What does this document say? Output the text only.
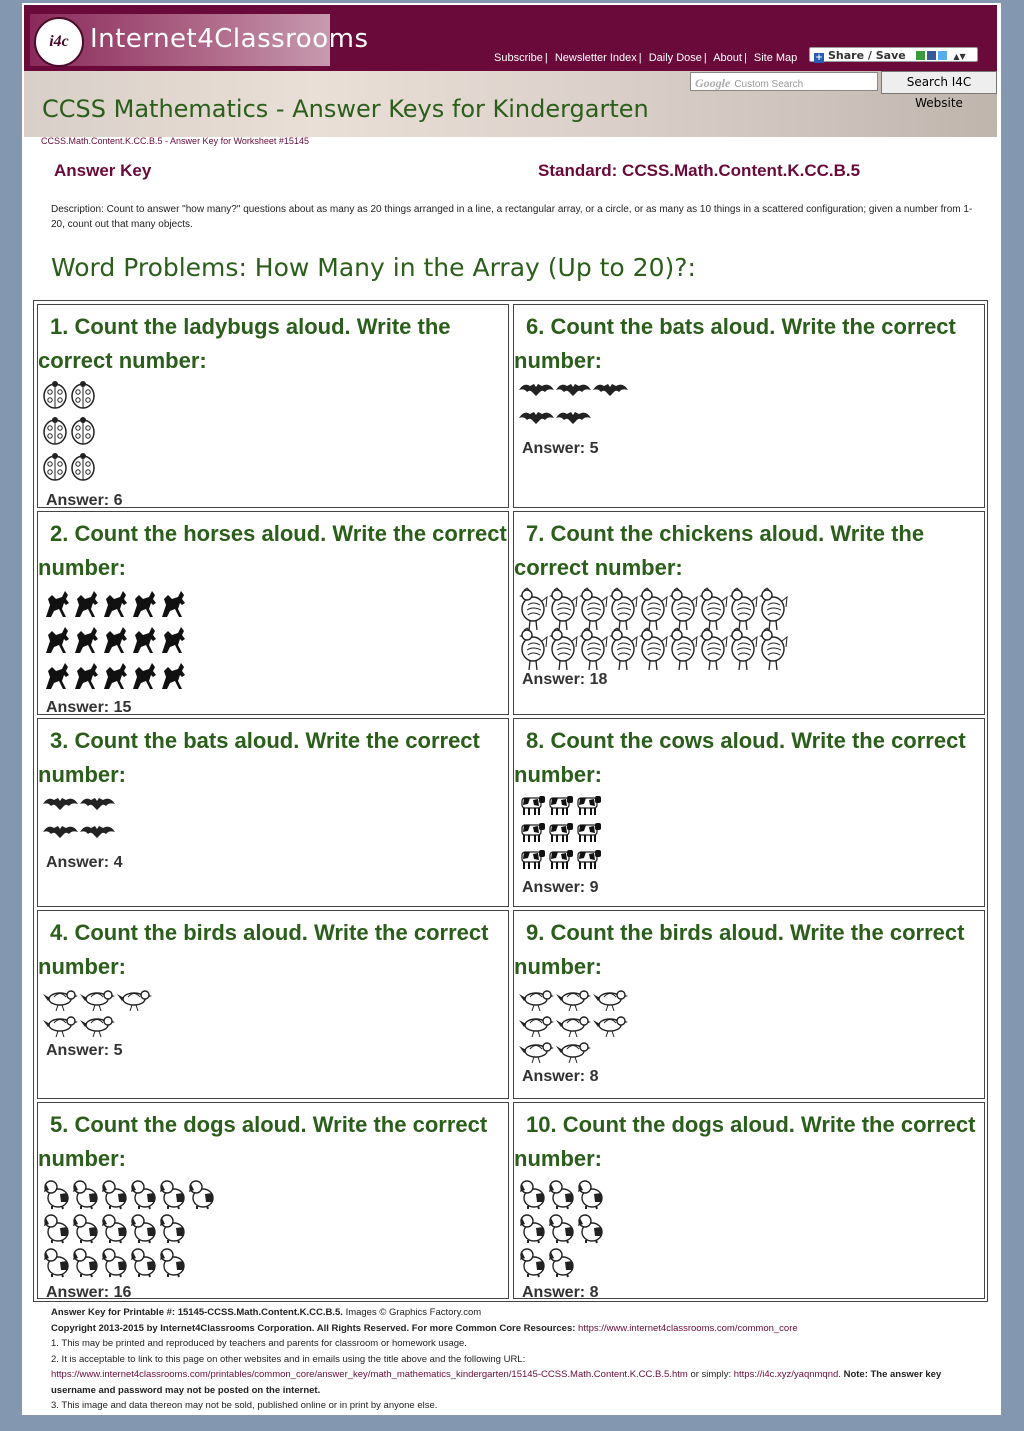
i4c Internet4Classrooms
Subscribe | Newsletter Index | Daily Dose | About | Site Map	+ Share / Save	▲▼
Google Custom Search	Search I4C Website
CCSS Mathematics - Answer Keys for Kindergarten
CCSS.Math.Content.K.CC.B.5 - Answer Key for Worksheet #15145
Answer Key	Standard: CCSS.Math.Content.K.CC.B.5
Description: Count to answer "how many?" questions about as many as 20 things arranged in a line, a rectangular array, or a circle, or as many as 10 things in a scattered configuration; given a number from 1-20, count out that many objects.
Word Problems: How Many in the Array (Up to 20)?:
1. Count the ladybugs aloud. Write the correct number:
Answer: 6
2. Count the horses aloud. Write the correct number:
Answer: 15
3. Count the bats aloud. Write the correct number:
Answer: 4
4. Count the birds aloud. Write the correct number:
Answer: 5
5. Count the dogs aloud. Write the correct number:
Answer: 16
6. Count the bats aloud. Write the correct number:
Answer: 5
7. Count the chickens aloud. Write the correct number:
Answer: 18
8. Count the cows aloud. Write the correct number:
Answer: 9
9. Count the birds aloud. Write the correct number:
Answer: 8
10. Count the dogs aloud. Write the correct number:
Answer: 8
Answer Key for Printable #: 15145-CCSS.Math.Content.K.CC.B.5. Images © Graphics Factory.com
Copyright 2013-2015 by Internet4Classrooms Corporation. All Rights Reserved. For more Common Core Resources: https://www.internet4classrooms.com/common_core
1. This may be printed and reproduced by teachers and parents for classroom or homework usage.
2. It is acceptable to link to this page on other websites and in emails using the title above and the following URL:
https://www.internet4classrooms.com/printables/common_core/answer_key/math_mathematics_kindergarten/15145-CCSS.Math.Content.K.CC.B.5.htm or simply: https://i4c.xyz/yaqnmqnd. Note: The answer key username and password may not be posted on the internet.
3. This image and data thereon may not be sold, published online or in print by anyone else.
